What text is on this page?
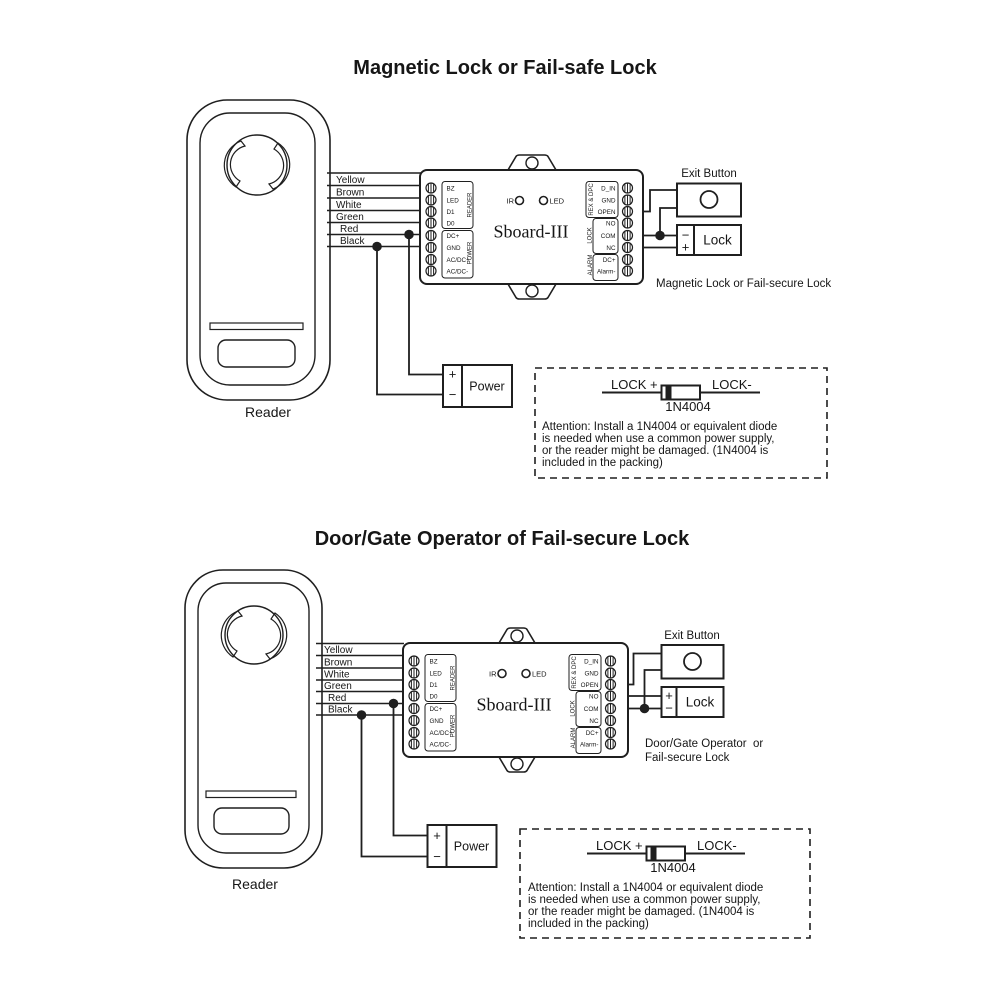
Magnetic Lock or Fail-safe Lock
Reader
Yellow
Brown
White
Green
Red
Black
BZ
LED
D1
D0
DC+
GND
AC/DC+
AC/DC-
READER
POWER
D_IN
GND
OPEN
NO
COM
NC
DC+
Alarm-
REX & DPC
LOCK
ALARM
IR	LED
Sboard-III
Exit Button
−
+ Lock
Magnetic Lock or Fail-secure Lock
+
−
Power	LOCK +	LOCK-
1N4004
Attention: Install a 1N4004 or equivalent diode
is needed when use a common power supply,
or the reader might be damaged. (1N4004 is
included in the packing)
Door/Gate Operator of Fail-secure Lock
Reader
Yellow
Brown
White
Green
Red
Black
BZ
LED
D1
D0
DC+
GND
AC/DC+
AC/DC-
READER
POWER
D_IN
GND
OPEN
NO
COM
NC
DC+
Alarm-
REX & DPC
LOCK
ALARM
IR	LED
Sboard-III
Exit Button
+
− Lock
Door/Gate Operator  or
Fail-secure Lock
+
−
Power	LOCK +	LOCK-
1N4004
Attention: Install a 1N4004 or equivalent diode
is needed when use a common power supply,
or the reader might be damaged. (1N4004 is
included in the packing)
